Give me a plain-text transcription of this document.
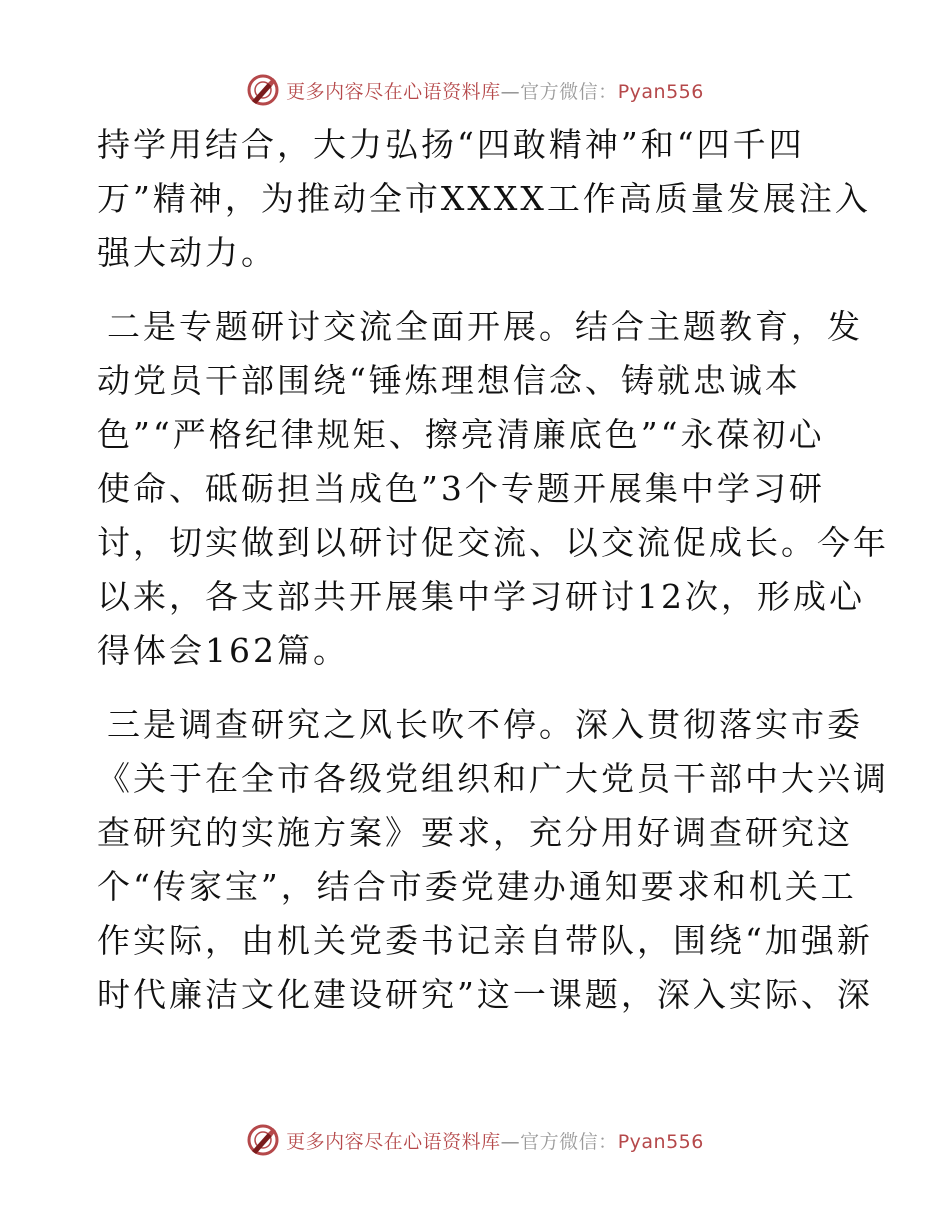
更多内容尽在心语资料库—官方微信：Pyan556

持学用结合，大力弘扬“四敢精神”和“四千四
万”精神，为推动全市XXXX工作高质量发展注入
强大动力。

二是专题研讨交流全面开展。结合主题教育，发
动党员干部围绕“锤炼理想信念、铸就忠诚本
色”“严格纪律规矩、擦亮清廉底色”“永葆初心
使命、砥砺担当成色”3个专题开展集中学习研
讨，切实做到以研讨促交流、以交流促成长。今年
以来，各支部共开展集中学习研讨12次，形成心
得体会162篇。

三是调查研究之风长吹不停。深入贯彻落实市委
《关于在全市各级党组织和广大党员干部中大兴调
查研究的实施方案》要求，充分用好调查研究这
个“传家宝”，结合市委党建办通知要求和机关工
作实际，由机关党委书记亲自带队，围绕“加强新
时代廉洁文化建设研究”这一课题，深入实际、深

更多内容尽在心语资料库—官方微信：Pyan556
